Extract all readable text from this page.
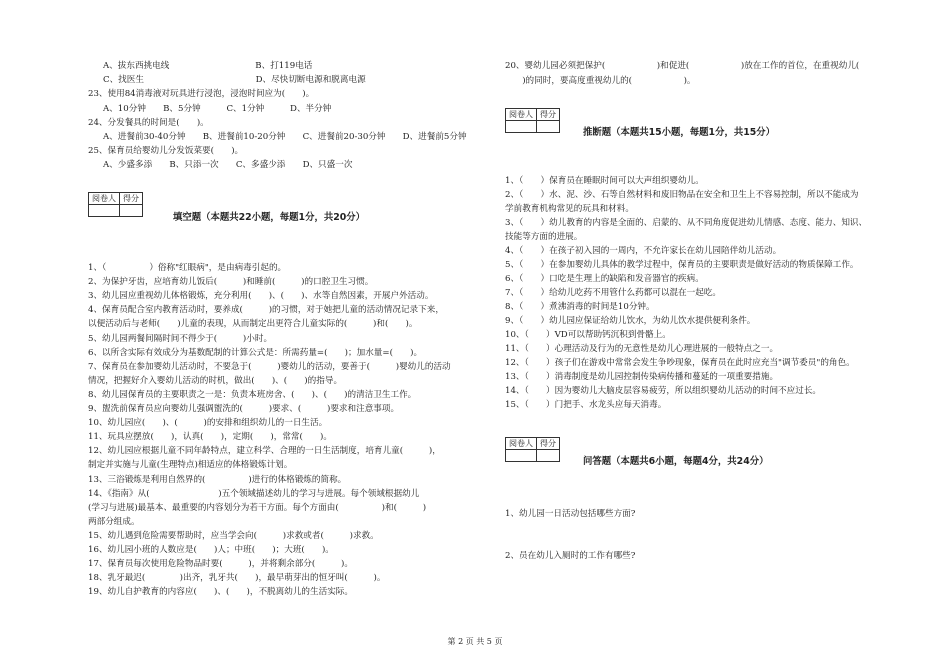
A、拔东西挑电线　　　　　　　　　　B、打119电话
C、找医生　　　　　　　　　　　　　D、尽快切断电源和脱离电源
23、使用84消毒液对玩具进行浸泡，浸泡时间应为(　　)。
A、10分钟　　B、5分钟　　　C、1分钟　　　D、半分钟
24、分发餐具的时间是(　　)。
A、进餐前30-40分钟　　B、进餐前10-20分钟　　C、进餐前20-30分钟　　D、进餐前5分钟
25、保育员给婴幼儿分发饭菜要(　　)。
A、少盛多添　　B、只添一次　　C、多盛少添　　D、只盛一次
阅卷人	得分

填空题（本题共22小题，每题1分，共20分）
1、（　　　　　）俗称"红眼病"，是由病毒引起的。
2、为保护牙齿，应培育幼儿饭后(　　　)和睡前(　　　)的口腔卫生习惯。
3、幼儿园应重视幼儿体格锻炼，充分利用(　　)、(　　)、水等自然因素，开展户外活动。
4、保育员配合室内教育活动时，要养成(　　　)的习惯，对于她把儿童的活动情况记录下来，
以便活动后与老师(　　)儿童的表现，从而制定出更符合儿童实际的(　　　)和(　　)。
5、幼儿园两餐间隔时间不得少于(　　　)小时。
6、以所含实际有效成分为基数配制的计算公式是：所需药量=(　　)；加水量=(　　)。
7、保育员在参加婴幼儿活动时，不要急于(　　　)婴幼儿的活动，要善于(　　　)婴幼儿的活动
情况，把握好介入婴幼儿活动的时机，做出(　　)、(　　)的指导。
8、幼儿园保育员的主要职责之一是：负责本班房舍、(　　)、(　　)的清洁卫生工作。
9、盥洗前保育员应向婴幼儿强调盥洗的(　　　)要求、(　　　)要求和注意事项。
10、幼儿园应(　　)、(　　　)的安排和组织幼儿的一日生活。
11、玩具应摆放(　　)，认真(　　)，定期(　　)，常常(　　)。
12、幼儿园应根据儿童不同年龄特点，建立科学、合理的一日生活制度，培育儿童(　　　)，
制定并实施与儿童(生理特点)相适应的体格锻炼计划。
13、三浴锻炼是利用自然界的(　　　　　)进行的体格锻炼的简称。
14、《指南》从(　　　　　　　　)五个领域描述幼儿的学习与进展。每个领域根据幼儿
(学习与进展)最基本、最重要的内容划分为若干方面。每个方面由(　　　　　)和(　　　)
两部分组成。
15、幼儿遇到危险需要帮助时，应当学会向(　　　)求救或者(　　　)求救。
16、幼儿园小班的人数应是(　　)人；中班(　　)；大班(　　)。
17、保育员每次使用危险物品时要(　　　)，并将剩余部分(　　　)。
18、乳牙最迟(　　　　)出齐，乳牙共(　　)，最早萌芽出的恒牙叫(　　　)。
19、幼儿自护教育的内容应(　　)、(　　)，不脱离幼儿的生活实际。
20、婴幼儿园必须把保护(　　　　　　)和促进(　　　　　　)放在工作的首位，在重视幼儿(
　　)的同时，要高度重视幼儿的(　　　　　　)。
阅卷人	得分

推断题（本题共15小题，每题1分，共15分）
1、（　　）保育员在睡眠时间可以大声组织婴幼儿。
2、（　　）水、泥、沙、石等自然材料和废旧物品在安全和卫生上不容易控制，所以不能成为
学前教育机构常见的玩具和材料。
3、（　　）幼儿教育的内容是全面的、启蒙的、从不同角度促进幼儿情感、态度、能力、知识、
技能等方面的进展。
4、（　　）在孩子初入园的一周内，不允许家长在幼儿园陪伴幼儿活动。
5、（　　）在参加婴幼儿具体的教学过程中，保育员的主要职责是做好活动的物质保障工作。
6、（　　）口吃是生理上的缺陷和发音器官的疾病。
7、（　　）给幼儿吃药不用管什么药都可以混在一起吃。
8、（　　）煮沸消毒的时间是10分钟。
9、（　　）幼儿园应保证给幼儿饮水，为幼儿饮水提供便利条件。
10、（　　）VD可以帮助钙沉积到骨骼上。
11、（　　）心理活动及行为的无意性是幼儿心理进展的一般特点之一。
12、（　　）孩子们在游戏中常常会发生争吵现象，保育员在此时应充当"调节委员"的角色。
13、（　　）消毒制度是幼儿园控制传染病传播和蔓延的一项重要措施。
14、（　　）因为婴幼儿大脑皮层容易疲劳，所以组织婴幼儿活动的时间不应过长。
15、（　　）门把手、水龙头应每天消毒。
阅卷人	得分

问答题（本题共6小题，每题4分，共24分）
1、幼儿园一日活动包括哪些方面?
2、员在幼儿入厕时的工作有哪些?
第 2 页 共 5 页
